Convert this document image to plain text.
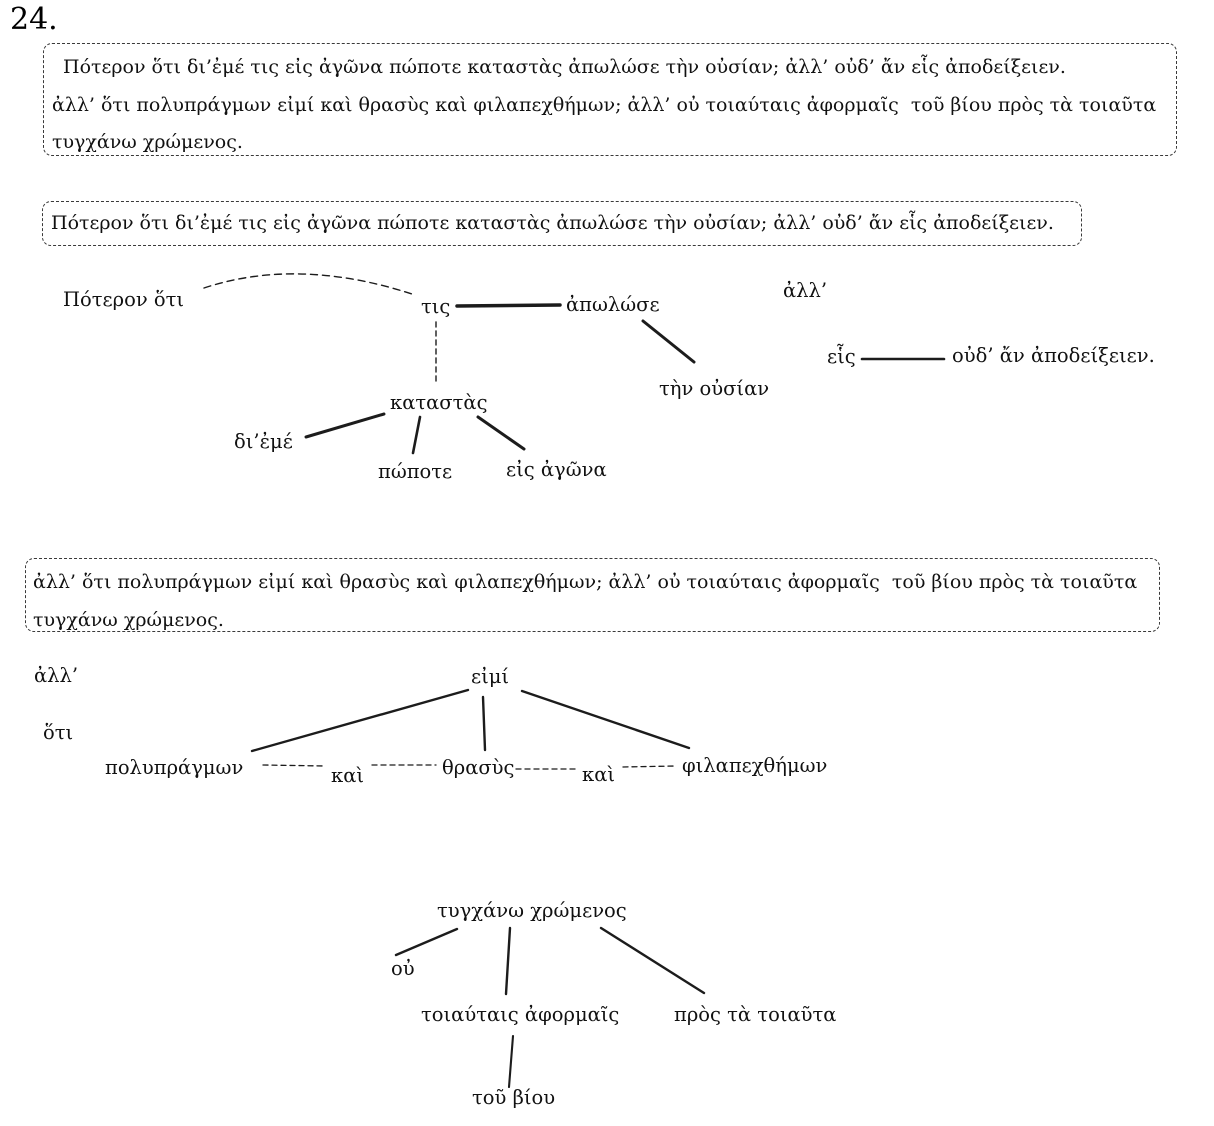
24.
Πότερον ὅτι δι’ἐμέ τις εἰς ἀγῶνα πώποτε καταστὰς ἀπωλώσε τὴν οὐσίαν; ἀλλ’ οὐδ’ ἄν εἷς ἀποδείξειεν.
ἀλλ’ ὅτι πολυπράγμων εἰμί καὶ θρασὺς καὶ φιλαπεχθήμων; ἀλλ’ οὐ τοιαύταις ἀφορμαῖς  τοῦ βίου πρὸς τὰ τοιαῦτα
τυγχάνω χρώμενος.
Πότερον ὅτι δι’ἐμέ τις εἰς ἀγῶνα πώποτε καταστὰς ἀπωλώσε τὴν οὐσίαν; ἀλλ’ οὐδ’ ἄν εἷς ἀποδείξειεν.
ἀλλ’ ὅτι πολυπράγμων εἰμί καὶ θρασὺς καὶ φιλαπεχθήμων; ἀλλ’ οὐ τοιαύταις ἀφορμαῖς  τοῦ βίου πρὸς τὰ τοιαῦτα
τυγχάνω χρώμενος.
Πότερον ὅτι	τις	ἀπωλώσε
τὴν οὐσίαν
καταστὰς
δι’ἐμέ
πώποτε	εἰς ἀγῶνα
ἀλλ’
εἷς	οὐδ’ ἄν ἀποδείξειεν.
ἀλλ’
ὅτι
εἰμί
πολυπράγμων	καὶ	θρασὺς	καὶ	φιλαπεχθήμων
τυγχάνω χρώμενος
οὐ
τοιαύταις ἀφορμαῖς	πρὸς τὰ τοιαῦτα
τοῦ βίου
